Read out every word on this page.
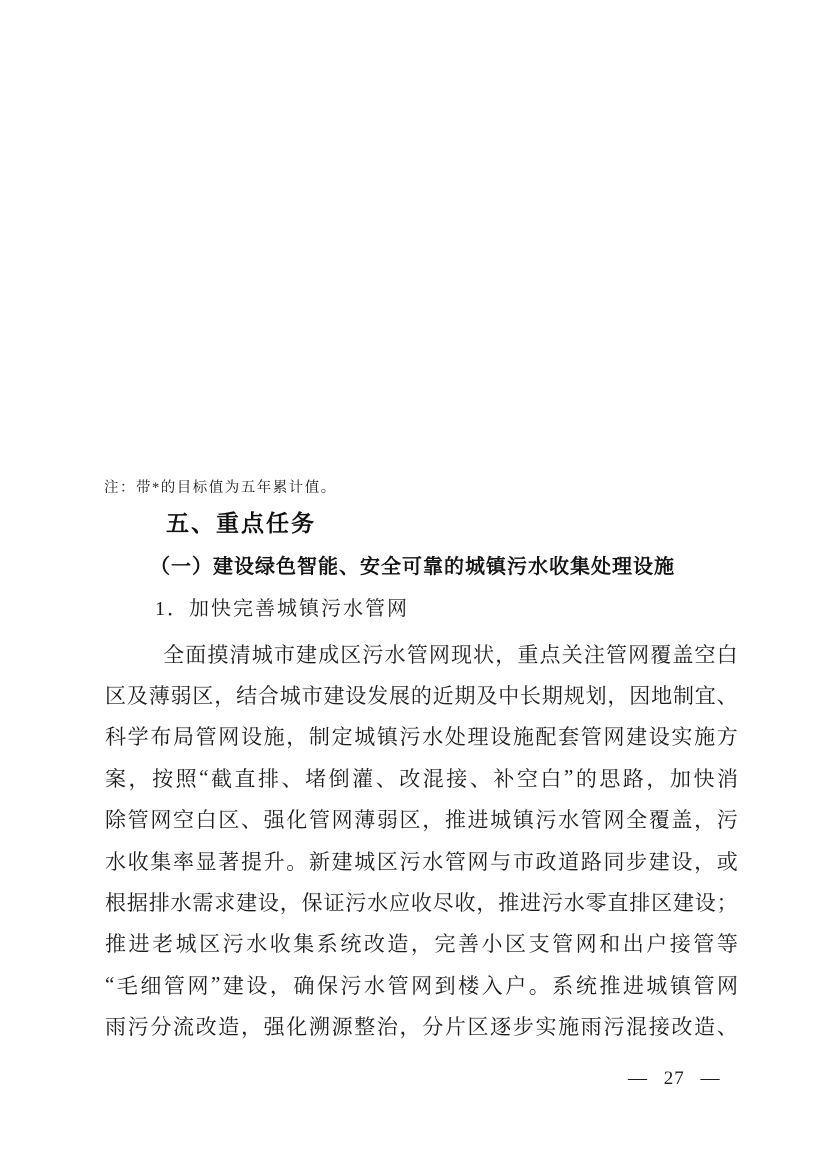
注：带*的目标值为五年累计值。
五、重点任务
（一）建设绿色智能、安全可靠的城镇污水收集处理设施
1．加快完善城镇污水管网
全 面 摸 清 城 市 建 成 区 污 水 管 网 现 状 ， 重 点 关 注 管 网 覆 盖 空 白
区 及 薄 弱 区 ， 结 合 城 市 建 设 发 展 的 近 期 及 中 长 期 规 划 ， 因 地 制 宜 、
科 学 布 局 管 网 设 施 ， 制 定 城 镇 污 水 处 理 设 施 配 套 管 网 建 设 实 施 方
案 ， 按 照 “ 截 直 排 、 堵 倒 灌 、 改 混 接 、 补 空 白 ” 的 思 路 ， 加 快 消
除 管 网 空 白 区 、 强 化 管 网 薄 弱 区 ， 推 进 城 镇 污 水 管 网 全 覆 盖 ， 污
水 收 集 率 显 著 提 升 。 新 建 城 区 污 水 管 网 与 市 政 道 路 同 步 建 设 ， 或
根 据 排 水 需 求 建 设 ， 保 证 污 水 应 收 尽 收 ， 推 进 污 水 零 直 排 区 建 设 ；
推 进 老 城 区 污 水 收 集 系 统 改 造 ， 完 善 小 区 支 管 网 和 出 户 接 管 等
“ 毛 细 管 网 ” 建 设 ， 确 保 污 水 管 网 到 楼 入 户 。 系 统 推 进 城 镇 管 网
雨 污 分 流 改 造 ， 强 化 溯 源 整 治 ， 分 片 区 逐 步 实 施 雨 污 混 接 改 造 、
— 27 —
